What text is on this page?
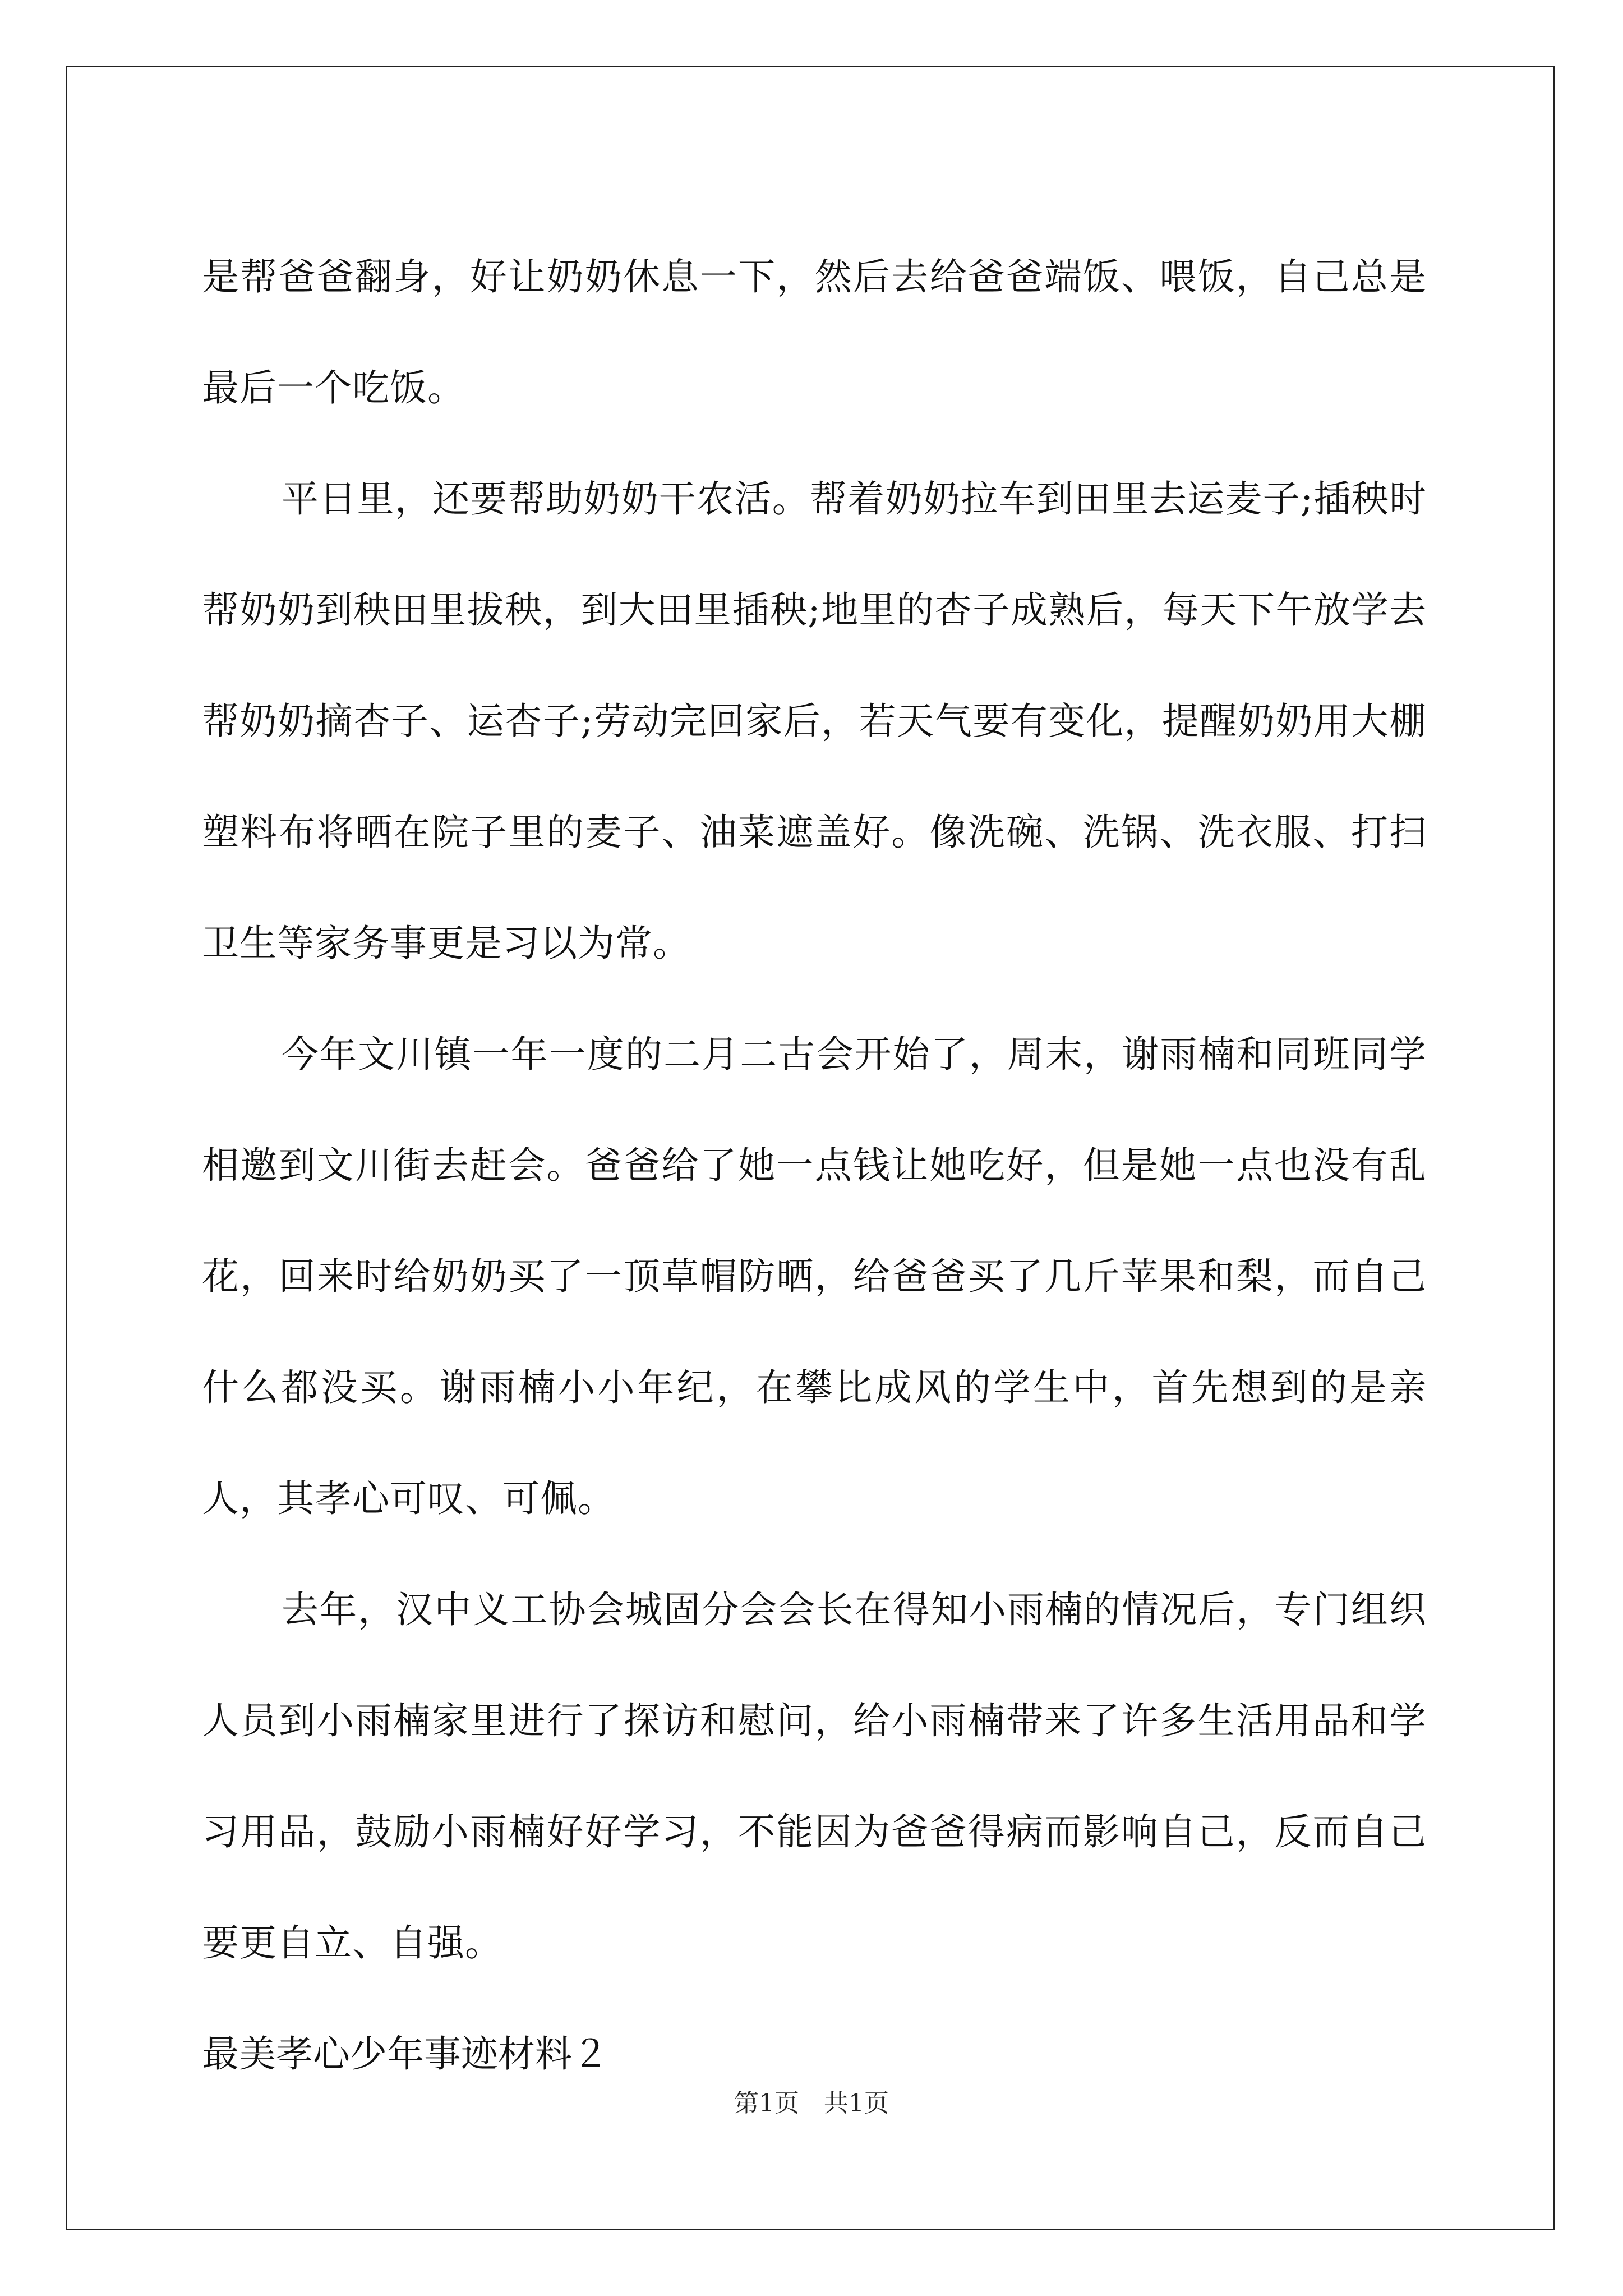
是帮爸爸翻身，好让奶奶休息一下，然后去给爸爸端饭、喂饭，自己总是最后一个吃饭。

平日里，还要帮助奶奶干农活。帮着奶奶拉车到田里去运麦子;插秧时帮奶奶到秧田里拔秧，到大田里插秧;地里的杏子成熟后，每天下午放学去帮奶奶摘杏子、运杏子;劳动完回家后，若天气要有变化，提醒奶奶用大棚塑料布将晒在院子里的麦子、油菜遮盖好。像洗碗、洗锅、洗衣服、打扫卫生等家务事更是习以为常。

今年文川镇一年一度的二月二古会开始了，周末，谢雨楠和同班同学相邀到文川街去赶会。爸爸给了她一点钱让她吃好，但是她一点也没有乱花，回来时给奶奶买了一顶草帽防晒，给爸爸买了几斤苹果和梨，而自己什么都没买。谢雨楠小小年纪，在攀比成风的学生中，首先想到的是亲人，其孝心可叹、可佩。

去年，汉中义工协会城固分会会长在得知小雨楠的情况后，专门组织人员到小雨楠家里进行了探访和慰问，给小雨楠带来了许多生活用品和学习用品，鼓励小雨楠好好学习，不能因为爸爸得病而影响自己，反而自己要更自立、自强。

最美孝心少年事迹材料２

第1页　共1页
